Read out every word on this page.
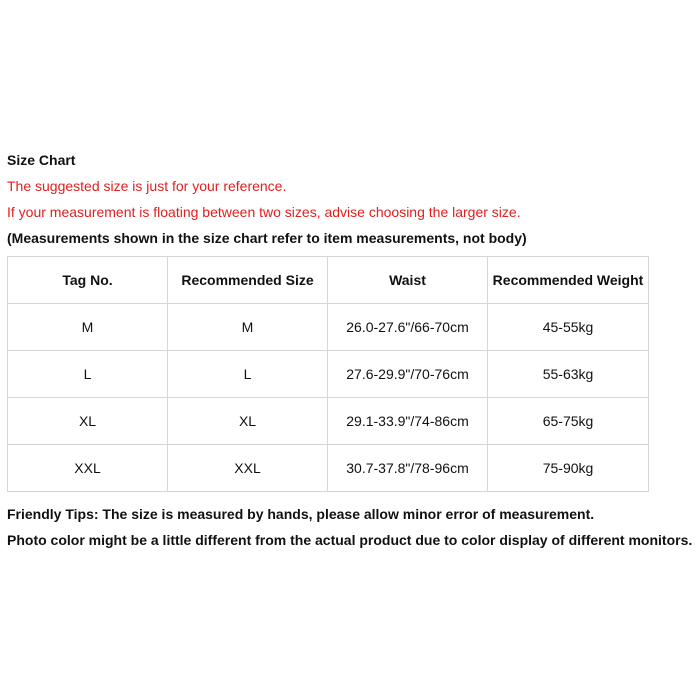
Size Chart
The suggested size is just for your reference.
If your measurement is floating between two sizes, advise choosing the larger size.
(Measurements shown in the size chart refer to item measurements, not body)
Tag No.	Recommended Size	Waist	Recommended Weight
M	M	26.0-27.6"/66-70cm	45-55kg
L	L	27.6-29.9"/70-76cm	55-63kg
XL	XL	29.1-33.9"/74-86cm	65-75kg
XXL	XXL	30.7-37.8"/78-96cm	75-90kg
Friendly Tips: The size is measured by hands, please allow minor error of measurement.
Photo color might be a little different from the actual product due to color display of different monitors.
